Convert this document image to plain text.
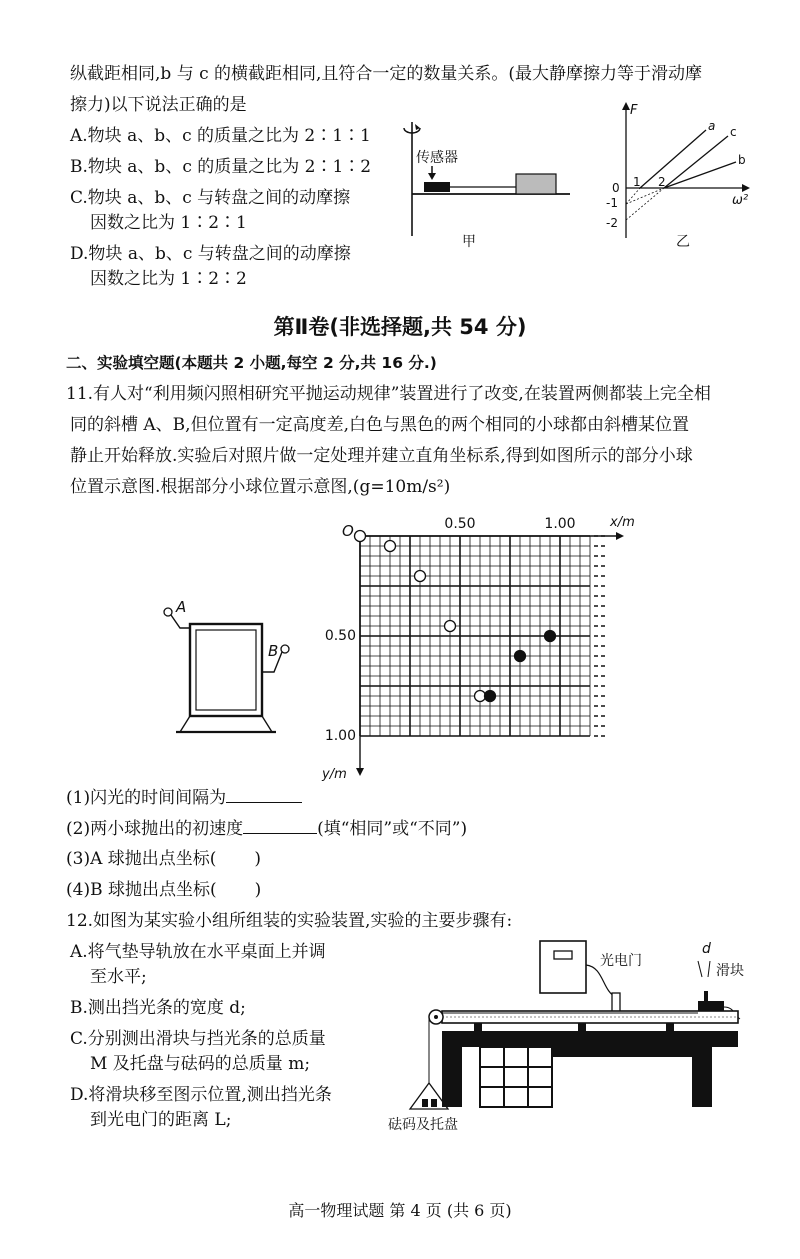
纵截距相同,b 与 c 的横截距相同,且符合一定的数量关系。(最大静摩擦力等于滑动摩
擦力)以下说法正确的是
A.物块 a、b、c 的质量之比为 2∶1∶1
B.物块 a、b、c 的质量之比为 2∶1∶2
C.物块 a、b、c 与转盘之间的动摩擦
因数之比为 1∶2∶1
D.物块 a、b、c 与转盘之间的动摩擦
因数之比为 1∶2∶2
传感器
甲
F
ω²
0 1 2
-1
-2
a c
b
乙
第Ⅱ卷(非选择题,共 54 分)
二、实验填空题(本题共 2 小题,每空 2 分,共 16 分.)
11.有人对“利用频闪照相研究平抛运动规律”装置进行了改变,在装置两侧都装上完全相
同的斜槽 A、B,但位置有一定高度差,白色与黑色的两个相同的小球都由斜槽某位置
静止开始释放.实验后对照片做一定处理并建立直角坐标系,得到如图所示的部分小球
位置示意图.根据部分小球位置示意图,(g=10m/s²)
A
B
O	x/m
y/m
0.50	1.00
0.50
1.00
(1)闪光的时间间隔为
(2)两小球抛出的初速度	(填“相同”或“不同”)
(3)A 球抛出点坐标( )
(4)B 球抛出点坐标( )
12.如图为某实验小组所组装的实验装置,实验的主要步骤有:
A.将气垫导轨放在水平桌面上并调
至水平;
B.测出挡光条的宽度 d;
C.分别测出滑块与挡光条的总质量
M 及托盘与砝码的总质量 m;
D.将滑块移至图示位置,测出挡光条
到光电门的距离 L;
光电门
d
滑块
砝码及托盘
高一物理试题 第 4 页 (共 6 页)
